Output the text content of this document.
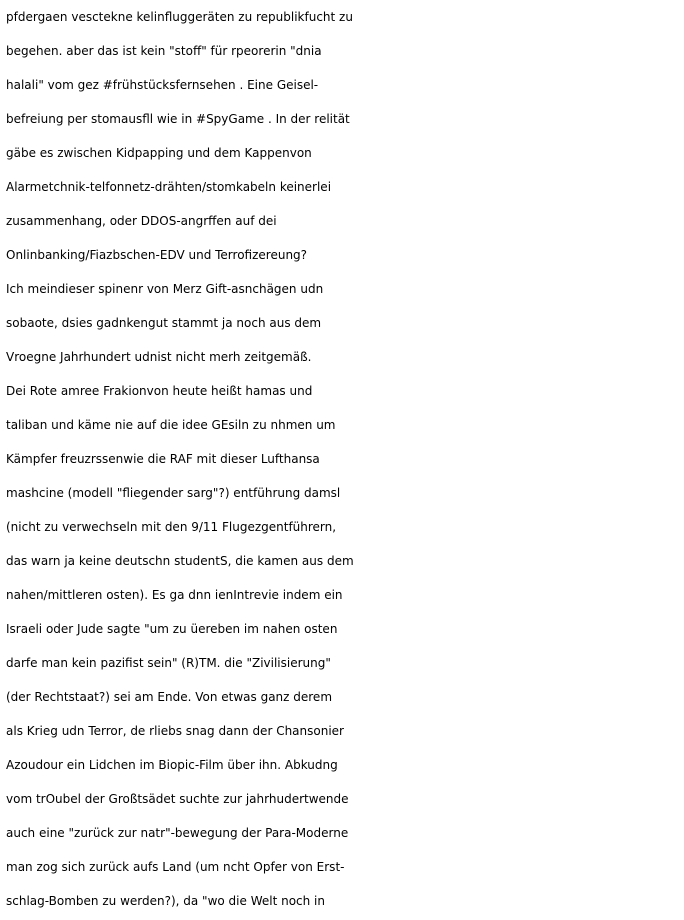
pfdergaen vesctekne kelinfluggeräten zu republikfucht zu
begehen. aber das ist kein "stoff" für rpeorerin "dnia
halali" vom gez #frühstücksfernsehen . Eine Geisel-
befreiung per stomausfll wie in #SpyGame . In der relität
gäbe es zwischen Kidpapping und dem Kappenvon
Alarmetchnik-telfonnetz-drähten/stomkabeln keinerlei
zusammenhang, oder DDOS-angrffen auf dei
Onlinbanking/Fiazbschen-EDV und Terrofizereung?
Ich meindieser spinenr von Merz Gift-asnchägen udn
sobaote, dsies gadnkengut stammt ja noch aus dem
Vroegne Jahrhundert udnist nicht merh zeitgemäß.
Dei Rote amree Frakionvon heute heißt hamas und
taliban und käme nie auf die idee GEsiln zu nhmen um
Kämpfer freuzrssenwie die RAF mit dieser Lufthansa
mashcine (modell "fliegender sarg"?) entführung damsl
(nicht zu verwechseln mit den 9/11 Flugezgentführern,
das warn ja keine deutschn studentS, die kamen aus dem
nahen/mittleren osten). Es ga dnn ienIntrevie indem ein
Israeli oder Jude sagte "um zu üereben im nahen osten
darfe man kein pazifist sein" (R)TM. die "Zivilisierung"
(der Rechtstaat?) sei am Ende. Von etwas ganz derem
als Krieg udn Terror, de rliebs snag dann der Chansonier
Azoudour ein Lidchen im Biopic-Film über ihn. Abkudng
vom trOubel der Großtsädet suchte zur jahrhudertwende
auch eine "zurück zur natr"-bewegung der Para-Moderne
man zog sich zurück aufs Land (um ncht Opfer von Erst-
schlag-Bomben zu werden?), da "wo die Welt noch in
